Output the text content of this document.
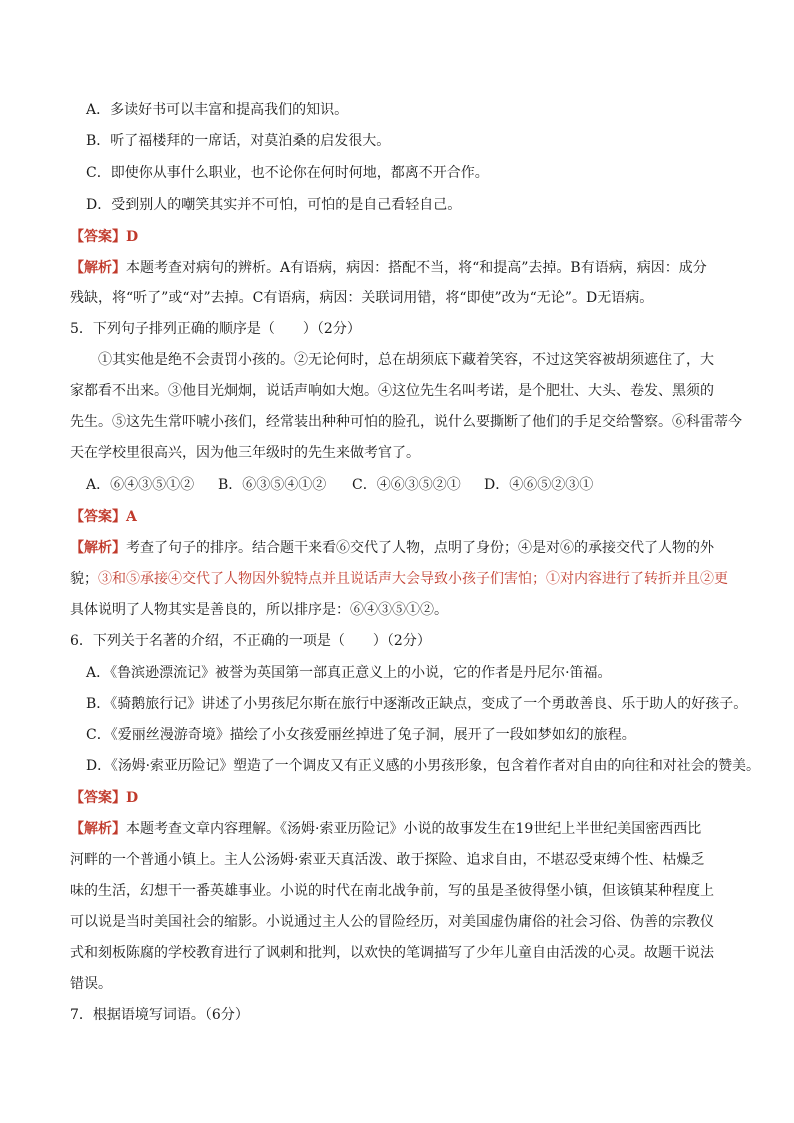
A．多读好书可以丰富和提高我们的知识。
B．听了福楼拜的一席话，对莫泊桑的启发很大。
C．即使你从事什么职业，也不论你在何时何地，都离不开合作。
D．受到别人的嘲笑其实并不可怕，可怕的是自己看轻自己。
【答案】D
【解析】本题考查对病句的辨析。A有语病，病因：搭配不当，将“和提高”去掉。B有语病，病因：成分
残缺，将“听了”或“对”去掉。C有语病，病因：关联词用错，将“即使”改为“无论”。D无语病。
5．下列句子排列正确的顺序是（　　）（2分）
①其实他是绝不会责罚小孩的。②无论何时，总在胡须底下藏着笑容，不过这笑容被胡须遮住了，大
家都看不出来。③他目光炯炯，说话声响如大炮。④这位先生名叫考诺，是个肥壮、大头、卷发、黑须的
先生。⑤这先生常吓唬小孩们，经常装出种种可怕的脸孔，说什么要撕断了他们的手足交给警察。⑥科雷蒂今
天在学校里很高兴，因为他三年级时的先生来做考官了。
A．⑥④③⑤①② B．⑥③⑤④①② C．④⑥③⑤②① D．④⑥⑤②③①
【答案】A
【解析】考查了句子的排序。结合题干来看⑥交代了人物，点明了身份；④是对⑥的承接交代了人物的外
貌；③和⑤承接④交代了人物因外貌特点并且说话声大会导致小孩子们害怕；①对内容进行了转折并且②更
具体说明了人物其实是善良的，所以排序是：⑥④③⑤①②。
6．下列关于名著的介绍，不正确的一项是（　　）（2分）
A．《鲁滨逊漂流记》被誉为英国第一部真正意义上的小说，它的作者是丹尼尔·笛福。
B．《骑鹅旅行记》讲述了小男孩尼尔斯在旅行中逐渐改正缺点，变成了一个勇敢善良、乐于助人的好孩子。
C．《爱丽丝漫游奇境》描绘了小女孩爱丽丝掉进了兔子洞，展开了一段如梦如幻的旅程。
D．《汤姆·索亚历险记》塑造了一个调皮又有正义感的小男孩形象，包含着作者对自由的向往和对社会的赞美。
【答案】D
【解析】本题考查文章内容理解。《汤姆·索亚历险记》小说的故事发生在19世纪上半世纪美国密西西比
河畔的一个普通小镇上。主人公汤姆·索亚天真活泼、敢于探险、追求自由，不堪忍受束缚个性、枯燥乏
味的生活，幻想干一番英雄事业。小说的时代在南北战争前，写的虽是圣彼得堡小镇，但该镇某种程度上
可以说是当时美国社会的缩影。小说通过主人公的冒险经历，对美国虚伪庸俗的社会习俗、伪善的宗教仪
式和刻板陈腐的学校教育进行了讽刺和批判，以欢快的笔调描写了少年儿童自由活泼的心灵。故题干说法
错误。
7．根据语境写词语。（6分）
